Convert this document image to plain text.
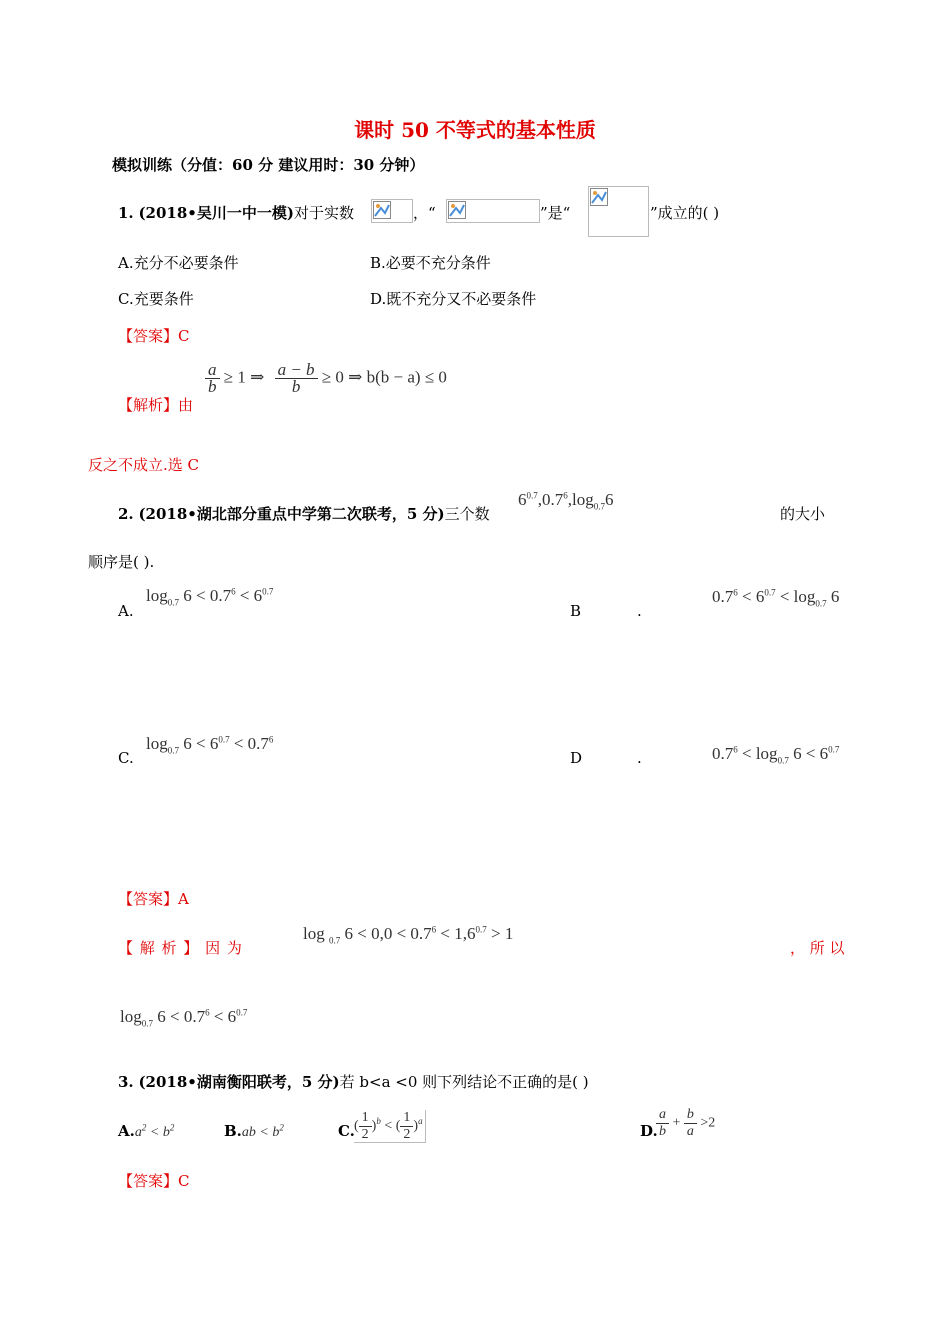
课时 50 不等式的基本性质
模拟训练（分值：60 分 建议用时：30 分钟）
1. (2018•吴川一中一模)对于实数	，“	”是“	”成立的( )
A.充分不必要条件	B.必要不充分条件
C.充要条件	D.既不充分又不必要条件
【答案】C
【解析】由
$\frac{a}{b} \ge 1$ ⇒ $\frac{a - b}{b} \ge 0$ ⇒ b(b − a) ≤ 0
反之不成立.选 C
2. (2018•湖北部分重点中学第二次联考，5 分)三个数
$6^{0.7},0.7^6,\log_{0.7}6$
的大小
顺序是( ).
A.
$\log_{0.7} 6 < 0.7^6 < 6^{0.7}$
B	.
$0.7^6 < 6^{0.7} < \log_{0.7} 6$
C.
$\log_{0.7} 6 < 6^{0.7} < 0.7^6$
D	.	$0.7^6 < \log_{0.7} 6 < 6^{0.7}$
【答案】A
【 解 析 】 因 为
log $_{0.7}$ $6 < 0,0 < 0.7^6 < 1,6^{0.7} > 1$
， 所 以
$\log_{0.7} 6 < 0.7^6 < 6^{0.7}$
3. (2018•湖南衡阳联考，5 分)若 b<a <0 则下列结论不正确的是( )
$A.a^2 < b^2$	$B.ab < b^2$	C. ( $\frac{1}{2} )^b$ < ( $\frac{1}{2} )^a$
D.
$\frac{a}{b} + \frac{b}{a} >2$
【答案】C
